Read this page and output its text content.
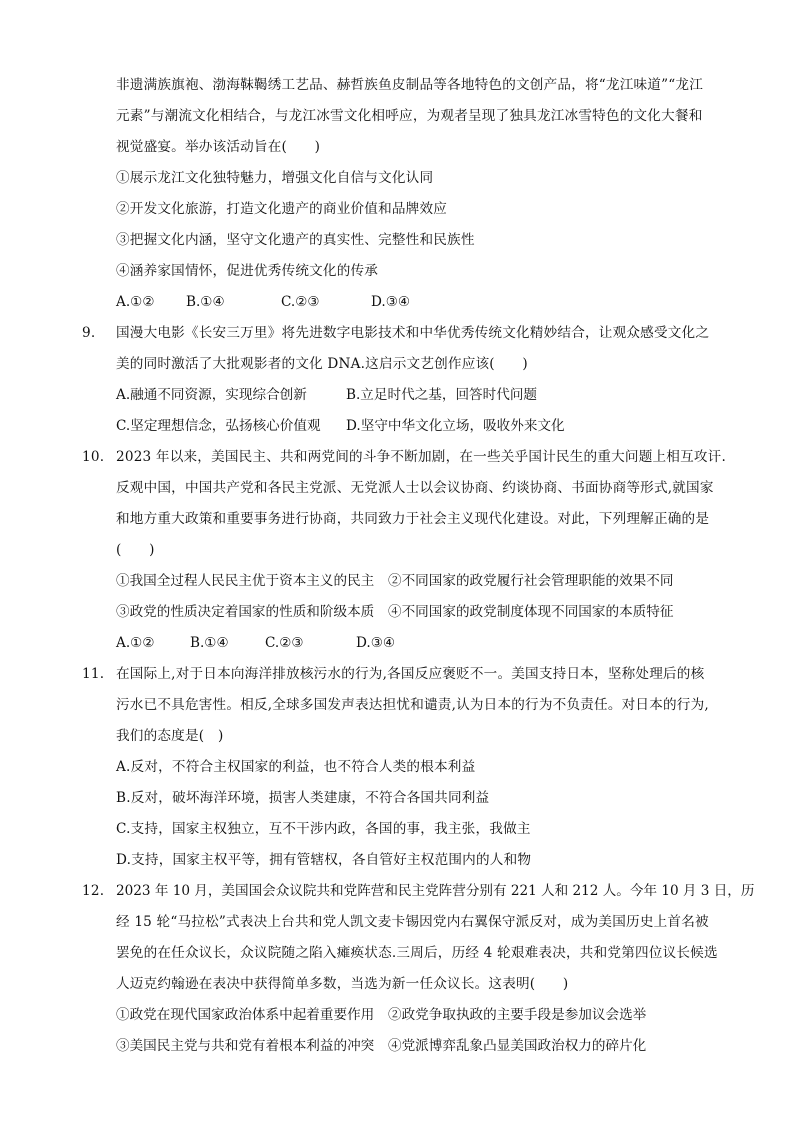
非遗满族旗袍、渤海靺鞨绣工艺品、赫哲族鱼皮制品等各地特色的文创产品，将“龙江味道”“龙江
元素”与潮流文化相结合，与龙江冰雪文化相呼应，为观者呈现了独具龙江冰雪特色的文化大餐和
视觉盛宴。举办该活动旨在(　　)
①展示龙江文化独特魅力，增强文化自信与文化认同
②开发文化旅游，打造文化遗产的商业价值和品牌效应
③把握文化内涵，坚守文化遗产的真实性、完整性和民族性
④涵养家国情怀，促进优秀传统文化的传承
A.①② B.①④	C.②③	D.③④
9. 国漫大电影《长安三万里》将先进数字电影技术和中华优秀传统文化精妙结合，让观众感受文化之
美的同时激活了大批观影者的文化 DNA.这启示文艺创作应该(　　)
A.融通不同资源，实现综合创新	B.立足时代之基，回答时代问题
C.坚定理想信念，弘扬核心价值观 D.坚守中华文化立场，吸收外来文化
10. 2023 年以来，美国民主、共和两党间的斗争不断加剧，在一些关乎国计民生的重大问题上相互攻讦.
反观中国，中国共产党和各民主党派、无党派人士以会议协商、约谈协商、书面协商等形式,就国家
和地方重大政策和重要事务进行协商，共同致力于社会主义现代化建设。对此，下列理解正确的是
(　　)
①我国全过程人民民主优于资本主义的民主 ②不同国家的政党履行社会管理职能的效果不同
③政党的性质决定着国家的性质和阶级本质 ④不同国家的政党制度体现不同国家的本质特征
A.①②	B.①④	C.②③	D.③④
11. 在国际上,对于日本向海洋排放核污水的行为,各国反应褒贬不一。美国支持日本，坚称处理后的核
污水已不具危害性。相反,全球多国发声表达担忧和谴责,认为日本的行为不负责任。对日本的行为,
我们的态度是(　)
A.反对，不符合主权国家的利益，也不符合人类的根本利益
B.反对，破坏海洋环境，损害人类建康，不符合各国共同利益
C.支持，国家主权独立，互不干涉内政，各国的事，我主张，我做主
D.支持，国家主权平等，拥有管辖权，各自管好主权范围内的人和物
12. 2023 年 10 月，美国国会众议院共和党阵营和民主党阵营分别有 221 人和 212 人。今年 10 月 3 日，历
经 15 轮“马拉松”式表决上台共和党人凯文麦卡锡因党内右翼保守派反对，成为美国历史上首名被
罢免的在任众议长，众议院随之陷入瘫痪状态.三周后，历经 4 轮艰难表决，共和党第四位议长候选
人迈克约翰逊在表决中获得简单多数，当选为新一任众议长。这表明(　　)
①政党在现代国家政治体系中起着重要作用 ②政党争取执政的主要手段是参加议会选举
③美国民主党与共和党有着根本利益的冲突 ④党派博弈乱象凸显美国政治权力的碎片化
